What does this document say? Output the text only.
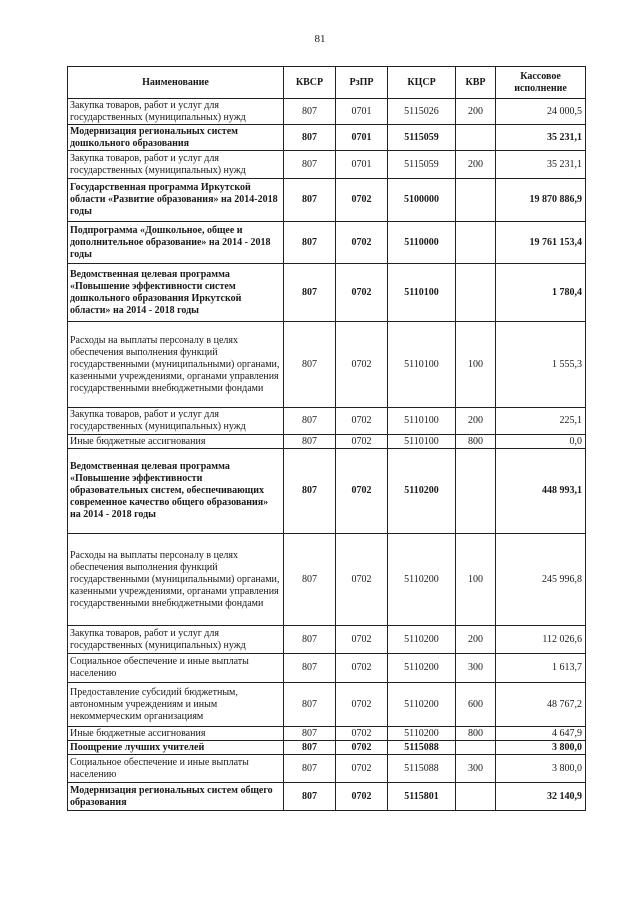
81
Наименование	КВСР	РзПР	КЦСР	КВР	Кассовое исполнение
Закупка товаров, работ и услуг для государственных (муниципальных) нужд	807	0701	5115026	200	24 000,5
Модернизация региональных систем дошкольного образования	807	0701	5115059		35 231,1
Закупка товаров, работ и услуг для государственных (муниципальных) нужд	807	0701	5115059	200	35 231,1
Государственная программа Иркутской области «Развитие образования» на 2014-2018 годы	807	0702	5100000		19 870 886,9
Подпрограмма «Дошкольное, общее и дополнительное образование» на 2014 - 2018 годы	807	0702	5110000		19 761 153,4
Ведомственная целевая программа «Повышение эффективности систем дошкольного образования Иркутской области» на 2014 - 2018 годы	807	0702	5110100		1 780,4
Расходы на выплаты персоналу в целях обеспечения выполнения функций государственными (муниципальными) органами, казенными учреждениями, органами управления государственными внебюджетными фондами	807	0702	5110100	100	1 555,3
Закупка товаров, работ и услуг для государственных (муниципальных) нужд	807	0702	5110100	200	225,1
Иные бюджетные ассигнования	807	0702	5110100	800	0,0
Ведомственная целевая программа «Повышение эффективности образовательных систем, обеспечивающих современное качество общего образования» на 2014 - 2018 годы	807	0702	5110200		448 993,1
Расходы на выплаты персоналу в целях обеспечения выполнения функций государственными (муниципальными) органами, казенными учреждениями, органами управления государственными внебюджетными фондами	807	0702	5110200	100	245 996,8
Закупка товаров, работ и услуг для государственных (муниципальных) нужд	807	0702	5110200	200	112 026,6
Социальное обеспечение и иные выплаты населению	807	0702	5110200	300	1 613,7
Предоставление субсидий бюджетным, автономным учреждениям и иным некоммерческим организациям	807	0702	5110200	600	48 767,2
Иные бюджетные ассигнования	807	0702	5110200	800	4 647,9
Поощрение лучших учителей	807	0702	5115088		3 800,0
Социальное обеспечение и иные выплаты населению	807	0702	5115088	300	3 800,0
Модернизация региональных систем общего образования	807	0702	5115801		32 140,9
